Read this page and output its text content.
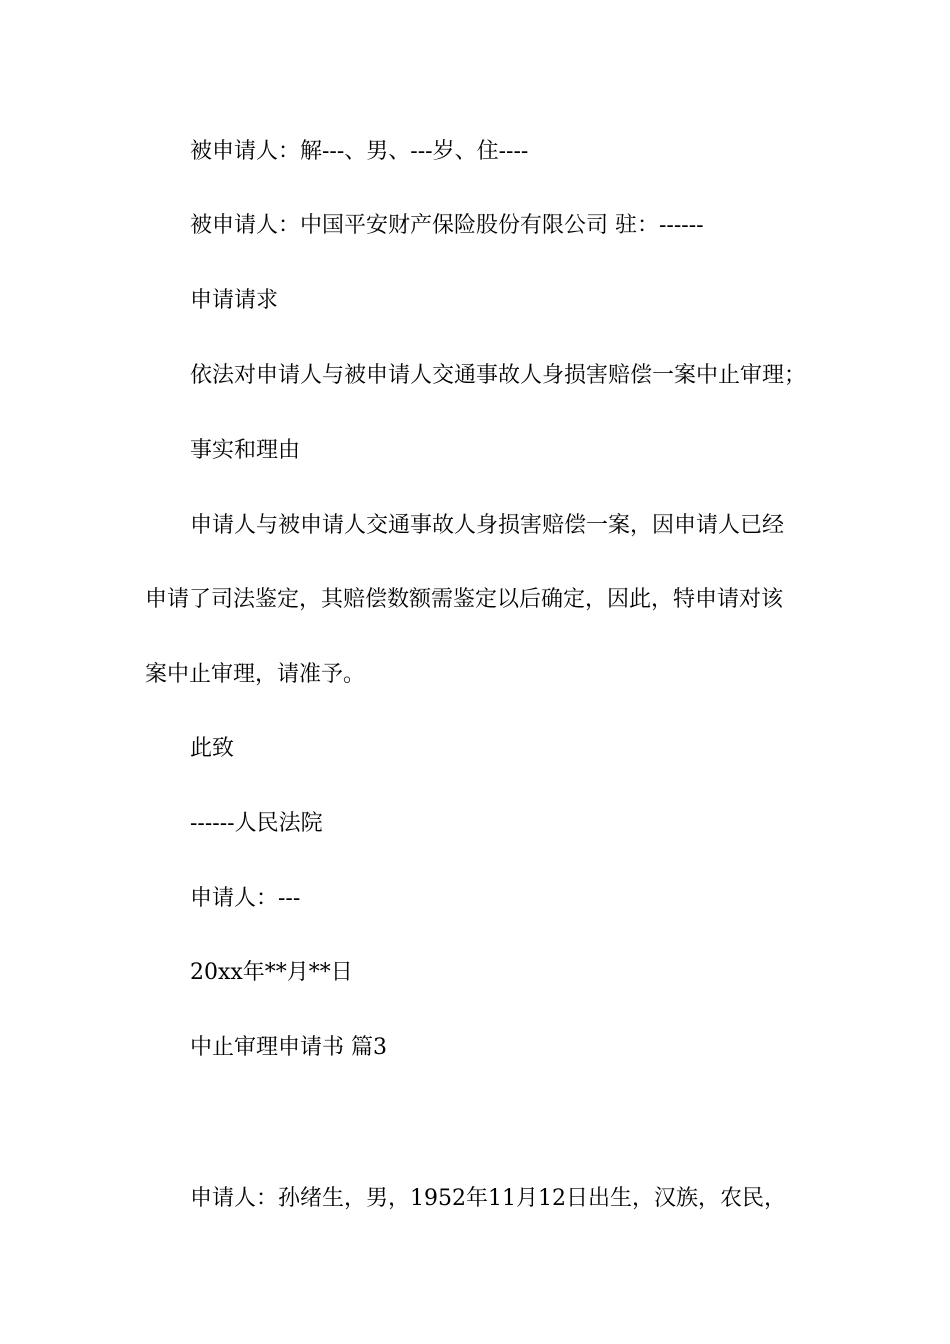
被申请人：解---、男、---岁、住----
被申请人：中国平安财产保险股份有限公司 驻：------
申请请求
依法对申请人与被申请人交通事故人身损害赔偿一案中止审理；
事实和理由
申请人与被申请人交通事故人身损害赔偿一案，因申请人已经
申请了司法鉴定，其赔偿数额需鉴定以后确定，因此，特申请对该
案中止审理，请准予。
此致
------人民法院
申请人：---
20xx年**月**日
中止审理申请书 篇3
申请人：孙绪生，男，1952年11月12日出生，汉族，农民，
